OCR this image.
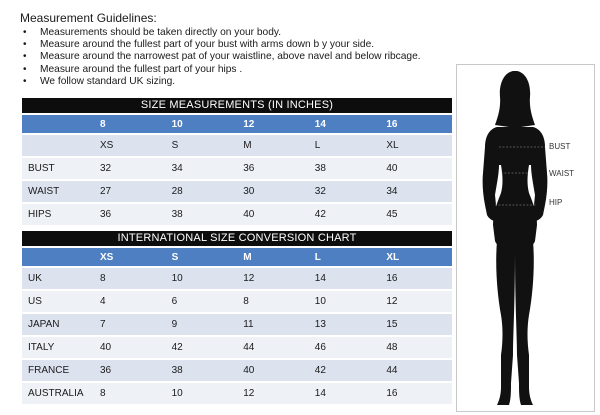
Measurement Guidelines:
• Measurements should be taken directly on your body.
• Measure around the fullest part of your bust with arms down b y your side.
• Measure around the narrowest pat of your waistline, above navel and below ribcage.
• Measure around the fullest part of your hips .
• We follow standard UK sizing.
SIZE MEASUREMENTS (IN INCHES)
	8	10	12	14	16
	XS	S	M	L	XL
BUST	32	34	36	38	40
WAIST	27	28	30	32	34
HIPS	36	38	40	42	45
INTERNATIONAL SIZE CONVERSION CHART
	XS	S	M	L	XL
UK	8	10	12	14	16
US	4	6	8	10	12
JAPAN	7	9	11	13	15
ITALY	40	42	44	46	48
FRANCE	36	38	40	42	44
AUSTRALIA	8	10	12	14	16
BUST
WAIST
HIP
